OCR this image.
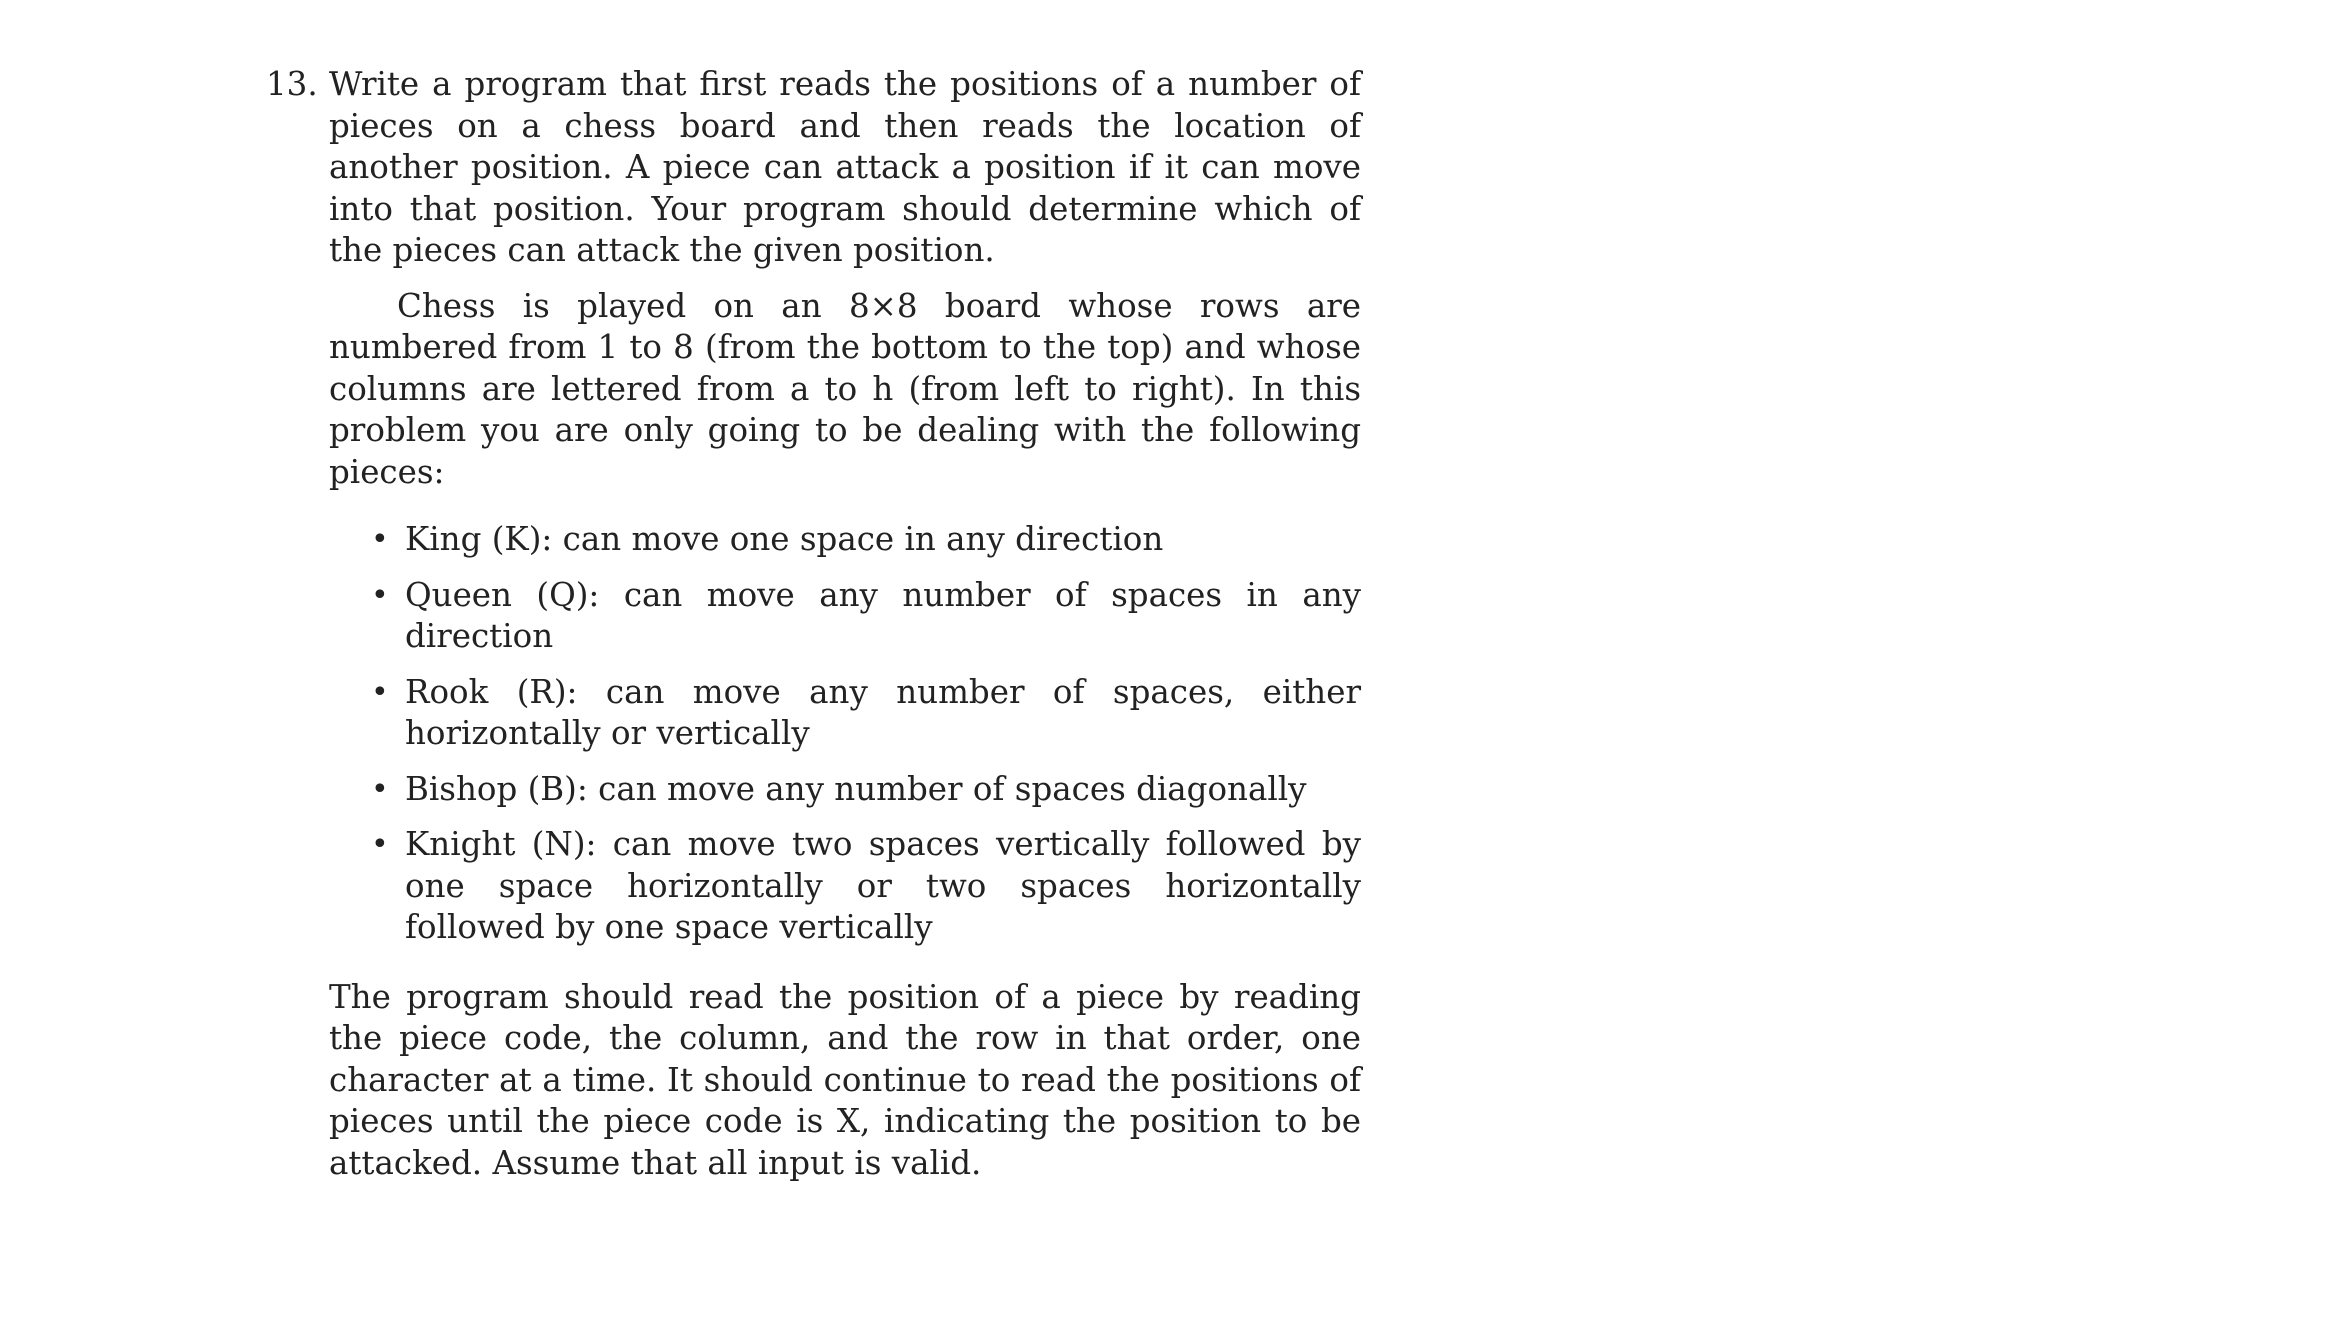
13. Write a program that first reads the positions of a number of pieces on a chess board and then reads the location of another position. A piece can attack a position if it can move into that position. Your program should determine which of the pieces can attack the given position.

Chess is played on an 8×8 board whose rows are numbered from 1 to 8 (from the bottom to the top) and whose columns are lettered from a to h (from left to right). In this problem you are only going to be dealing with the following pieces:

• King (K): can move one space in any direction
• Queen (Q): can move any number of spaces in any direction
• Rook (R): can move any number of spaces, either horizontally or vertically
• Bishop (B): can move any number of spaces diagonally
• Knight (N): can move two spaces vertically followed by one space horizontally or two spaces horizontally followed by one space vertically

The program should read the position of a piece by reading the piece code, the column, and the row in that order, one character at a time. It should continue to read the positions of pieces until the piece code is X, indicating the position to be attacked. Assume that all input is valid.
